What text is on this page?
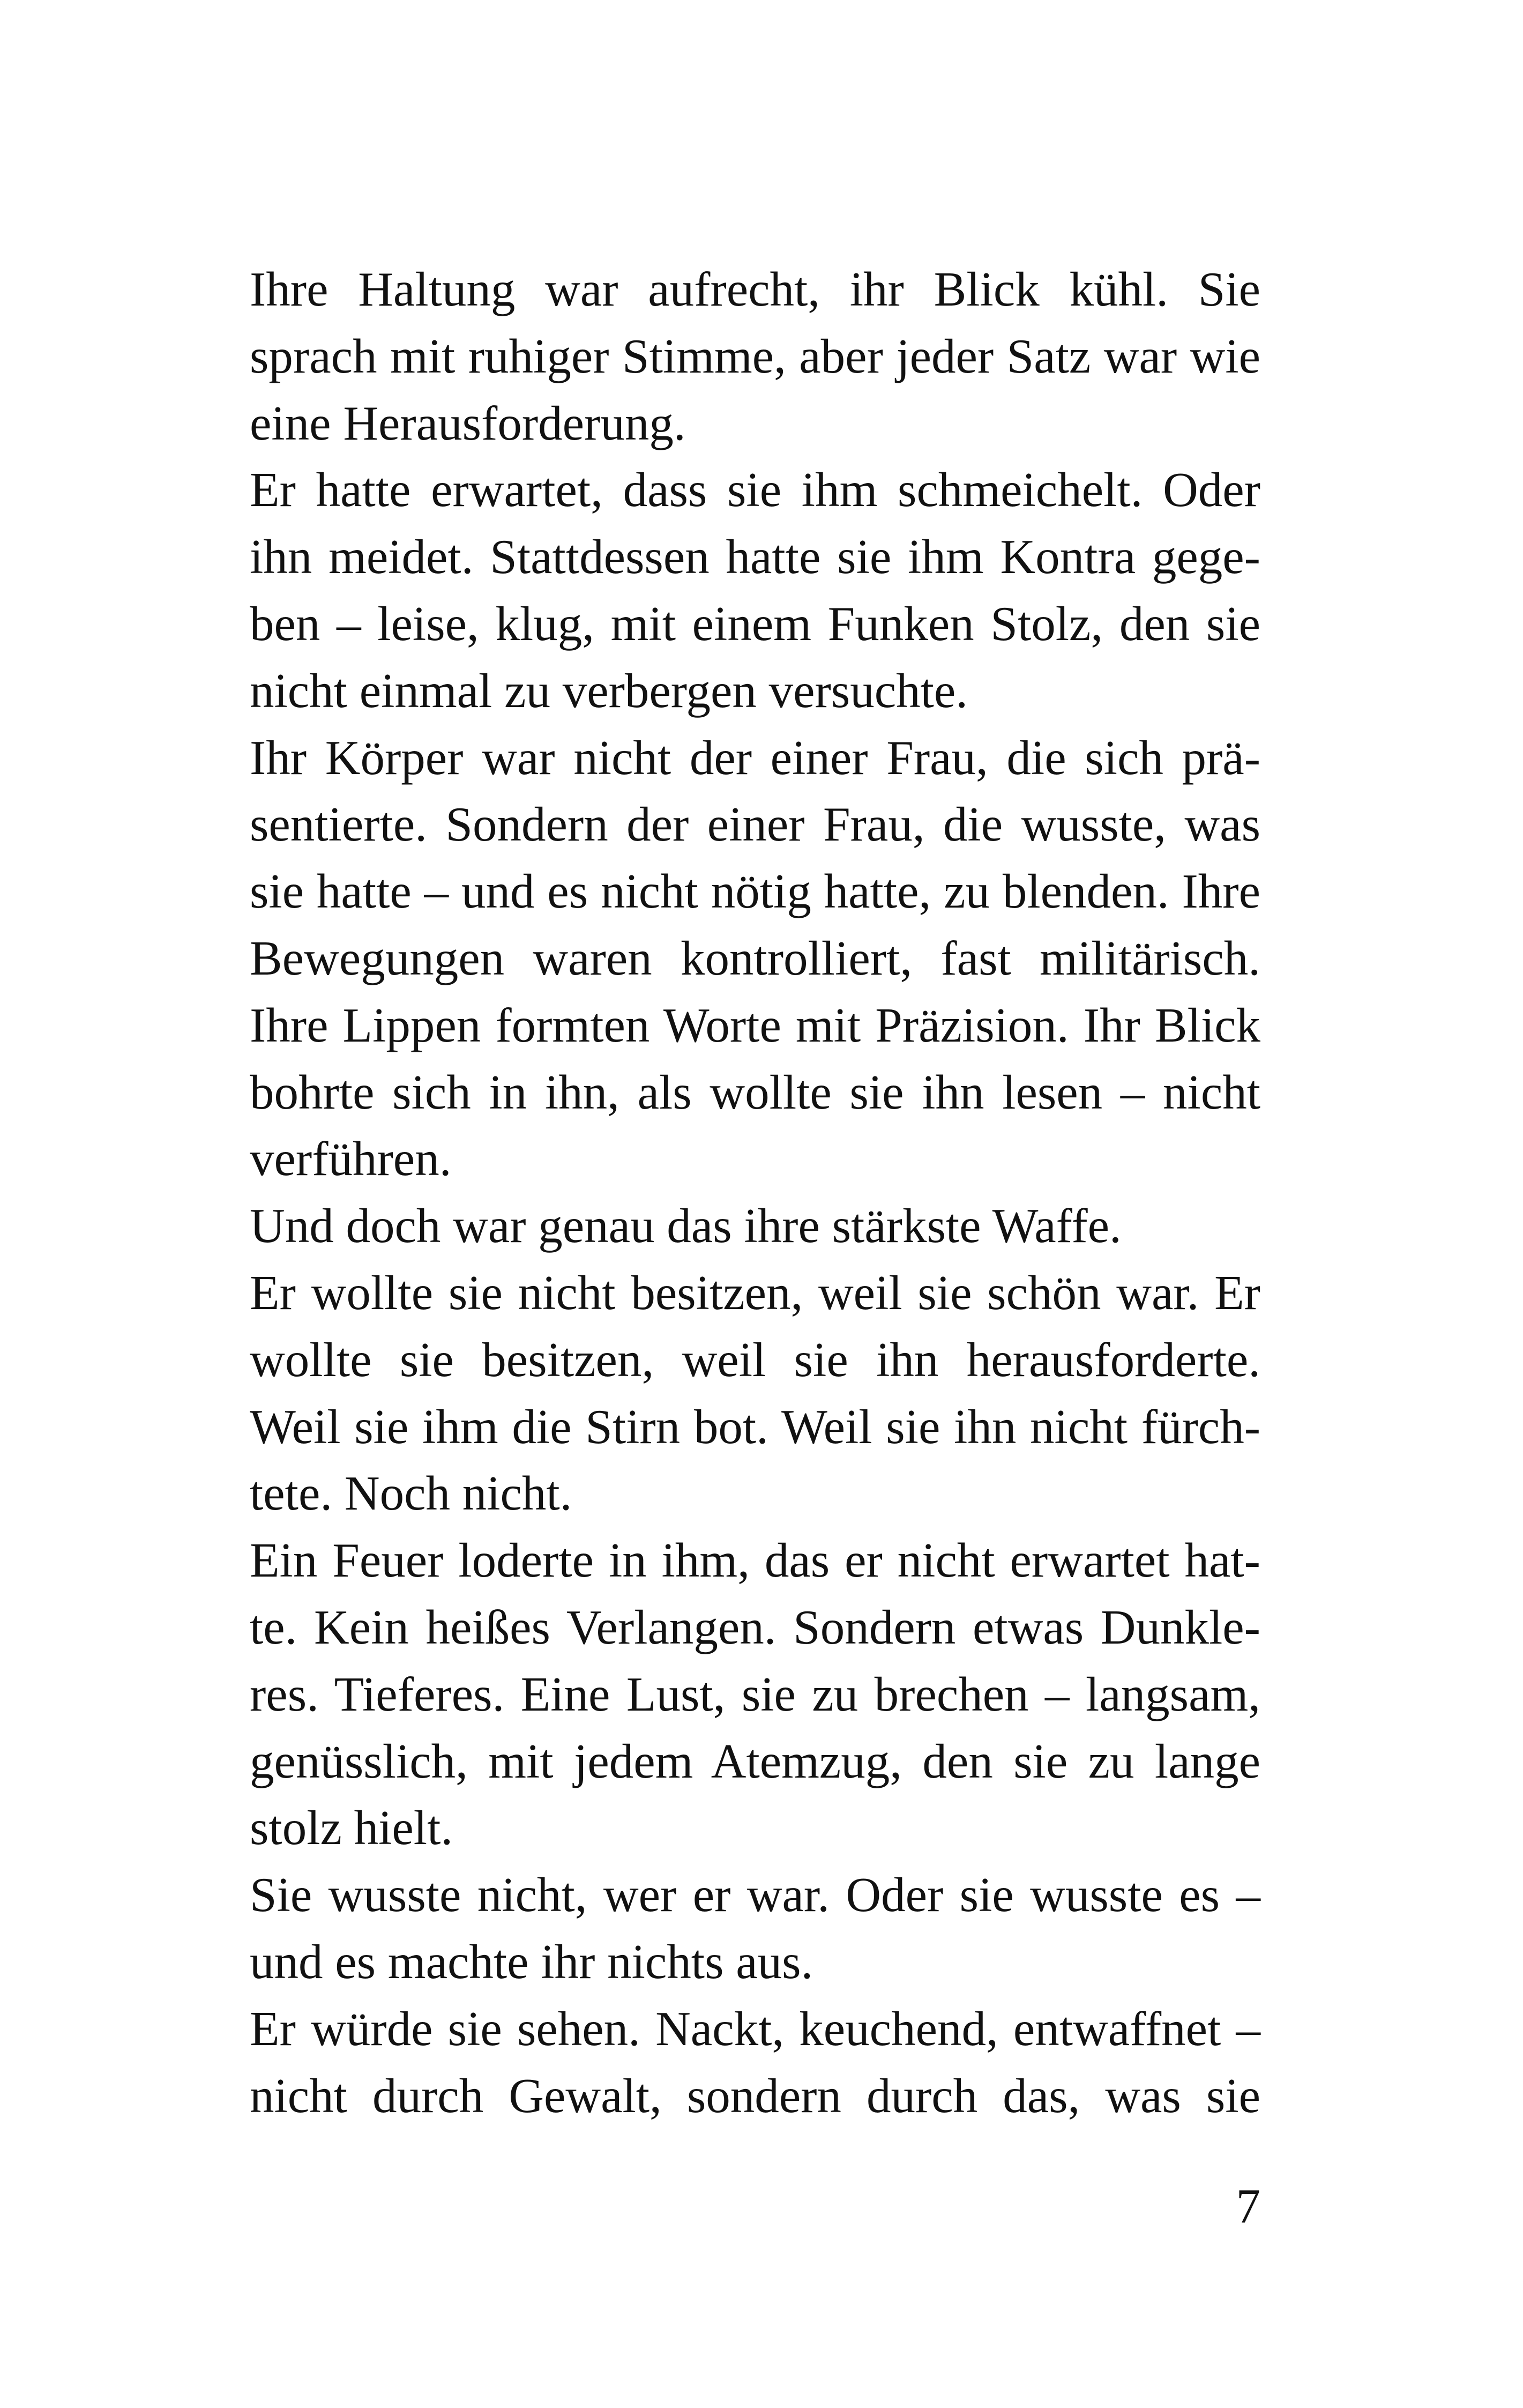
Ihre Haltung war aufrecht, ihr Blick kühl. Sie
sprach mit ruhiger Stimme, aber jeder Satz war wie
eine Herausforderung.
Er hatte erwartet, dass sie ihm schmeichelt. Oder
ihn meidet. Stattdessen hatte sie ihm Kontra gege-
ben – leise, klug, mit einem Funken Stolz, den sie
nicht einmal zu verbergen versuchte.
Ihr Körper war nicht der einer Frau, die sich prä-
sentierte. Sondern der einer Frau, die wusste, was
sie hatte – und es nicht nötig hatte, zu blenden. Ihre
Bewegungen waren kontrolliert, fast militärisch.
Ihre Lippen formten Worte mit Präzision. Ihr Blick
bohrte sich in ihn, als wollte sie ihn lesen – nicht
verführen.
Und doch war genau das ihre stärkste Waffe.
Er wollte sie nicht besitzen, weil sie schön war. Er
wollte sie besitzen, weil sie ihn herausforderte.
Weil sie ihm die Stirn bot. Weil sie ihn nicht fürch-
tete. Noch nicht.
Ein Feuer loderte in ihm, das er nicht erwartet hat-
te. Kein heißes Verlangen. Sondern etwas Dunkle-
res. Tieferes. Eine Lust, sie zu brechen – langsam,
genüsslich, mit jedem Atemzug, den sie zu lange
stolz hielt.
Sie wusste nicht, wer er war. Oder sie wusste es –
und es machte ihr nichts aus.
Er würde sie sehen. Nackt, keuchend, entwaffnet –
nicht durch Gewalt, sondern durch das, was sie
7
